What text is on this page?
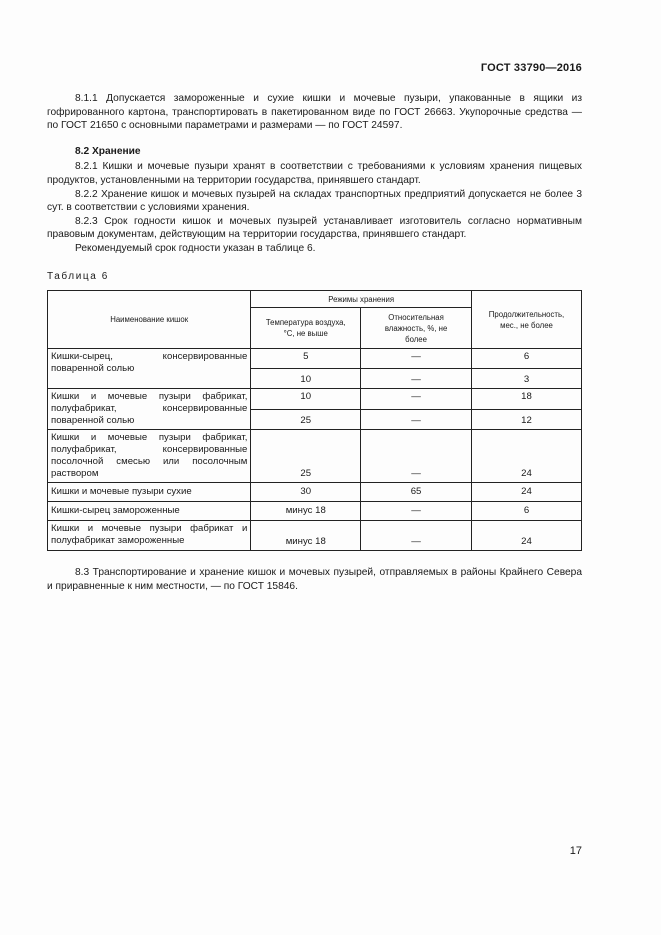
ГОСТ 33790—2016

8.1.1 Допускается замороженные и сухие кишки и мочевые пузыри, упакованные в ящики из гофрированного картона, транспортировать в пакетированном виде по ГОСТ 26663. Укупорочные средства — по ГОСТ 21650 с основными параметрами и размерами — по ГОСТ 24597.

8.2 Хранение

8.2.1 Кишки и мочевые пузыри хранят в соответствии с требованиями к условиям хранения пищевых продуктов, установленными на территории государства, принявшего стандарт.

8.2.2 Хранение кишок и мочевых пузырей на складах транспортных предприятий допускается не более 3 сут. в соответствии с условиями хранения.

8.2.3 Срок годности кишок и мочевых пузырей устанавливает изготовитель согласно нормативным правовым документам, действующим на территории государства, принявшего стандарт.

Рекомендуемый срок годности указан в таблице 6.

Таблица 6
Наименование кишок	Режимы хранения		Продолжительность, мес., не более
	Температура воздуха, °С, не выше	Относительная влажность, %, не более	
Кишки-сырец, консервированные поваренной солью	5	—	6
	10	—	3
Кишки и мочевые пузыри фабрикат, полуфабрикат, консервированные поваренной солью	10	—	18
	25	—	12
Кишки и мочевые пузыри фабрикат, полуфабрикат, консервированные посолочной смесью или посолочным раствором	25	—	24
Кишки и мочевые пузыри сухие	30	65	24
Кишки-сырец замороженные	минус 18	—	6
Кишки и мочевые пузыри фабрикат и полуфабрикат замороженные	минус 18	—	24

8.3 Транспортирование и хранение кишок и мочевых пузырей, отправляемых в районы Крайнего Севера и приравненные к ним местности, — по ГОСТ 15846.

17
